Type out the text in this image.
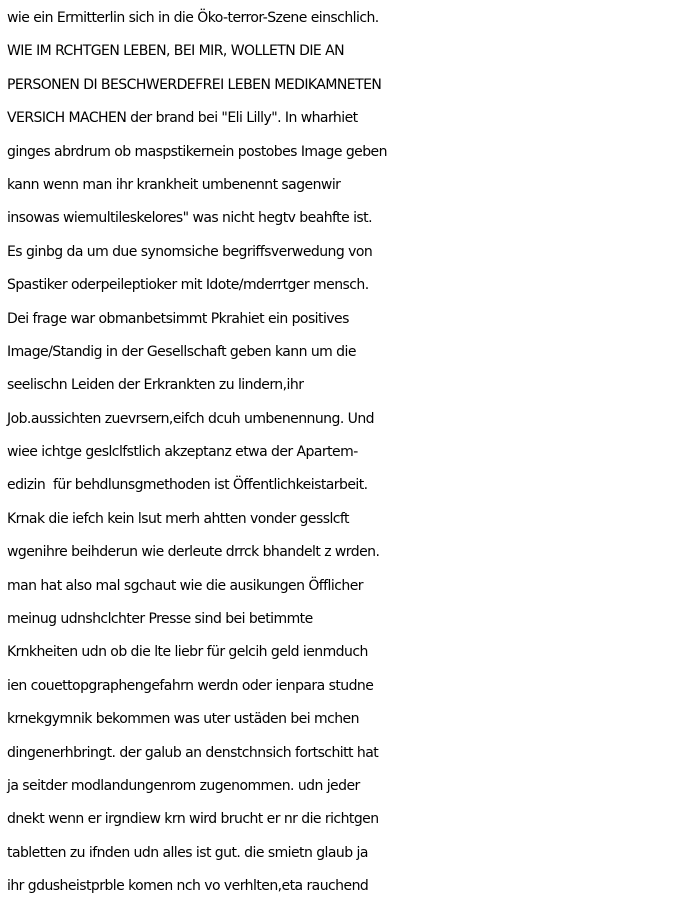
wie ein Ermitterlin sich in die Öko-terror-Szene einschlich.
WIE IM RCHTGEN LEBEN, BEI MIR, WOLLETN DIE AN
PERSONEN DI BESCHWERDEFREI LEBEN MEDIKAMNETEN
VERSICH MACHEN der brand bei "Eli Lilly". In wharhiet
ginges abrdrum ob maspstikernein postobes Image geben
kann wenn man ihr krankheit umbenennt sagenwir
insowas wiemultileskelores" was nicht hegtv beahfte ist.
Es ginbg da um due synomsiche begriffsverwedung von
Spastiker oderpeileptioker mit Idote/mderrtger mensch.
Dei frage war obmanbetsimmt Pkrahiet ein positives
Image/Standig in der Gesellschaft geben kann um die
seelischn Leiden der Erkrankten zu lindern,ihr
Job.aussichten zuevrsern,eifch dcuh umbenennung. Und
wiee ichtge geslclfstlich akzeptanz etwa der Apartem-
edizin  für behdlunsgmethoden ist Öffentlichkeistarbeit.
Krnak die iefch kein lsut merh ahtten vonder gesslcft
wgenihre beihderun wie derleute drrck bhandelt z wrden.
man hat also mal sgchaut wie die ausikungen Öfflicher
meinug udnshclchter Presse sind bei betimmte
Krnkheiten udn ob die lte liebr für gelcih geld ienmduch
ien couettopgraphengefahrn werdn oder ienpara studne
krnekgymnik bekommen was uter ustäden bei mchen
dingenerhbringt. der galub an denstchnsich fortschitt hat
ja seitder modlandungenrom zugenommen. udn jeder
dnekt wenn er irgndiew krn wird brucht er nr die richtgen
tabletten zu ifnden udn alles ist gut. die smietn glaub ja
ihr gdusheistprble komen nch vo verhlten,eta rauchend
